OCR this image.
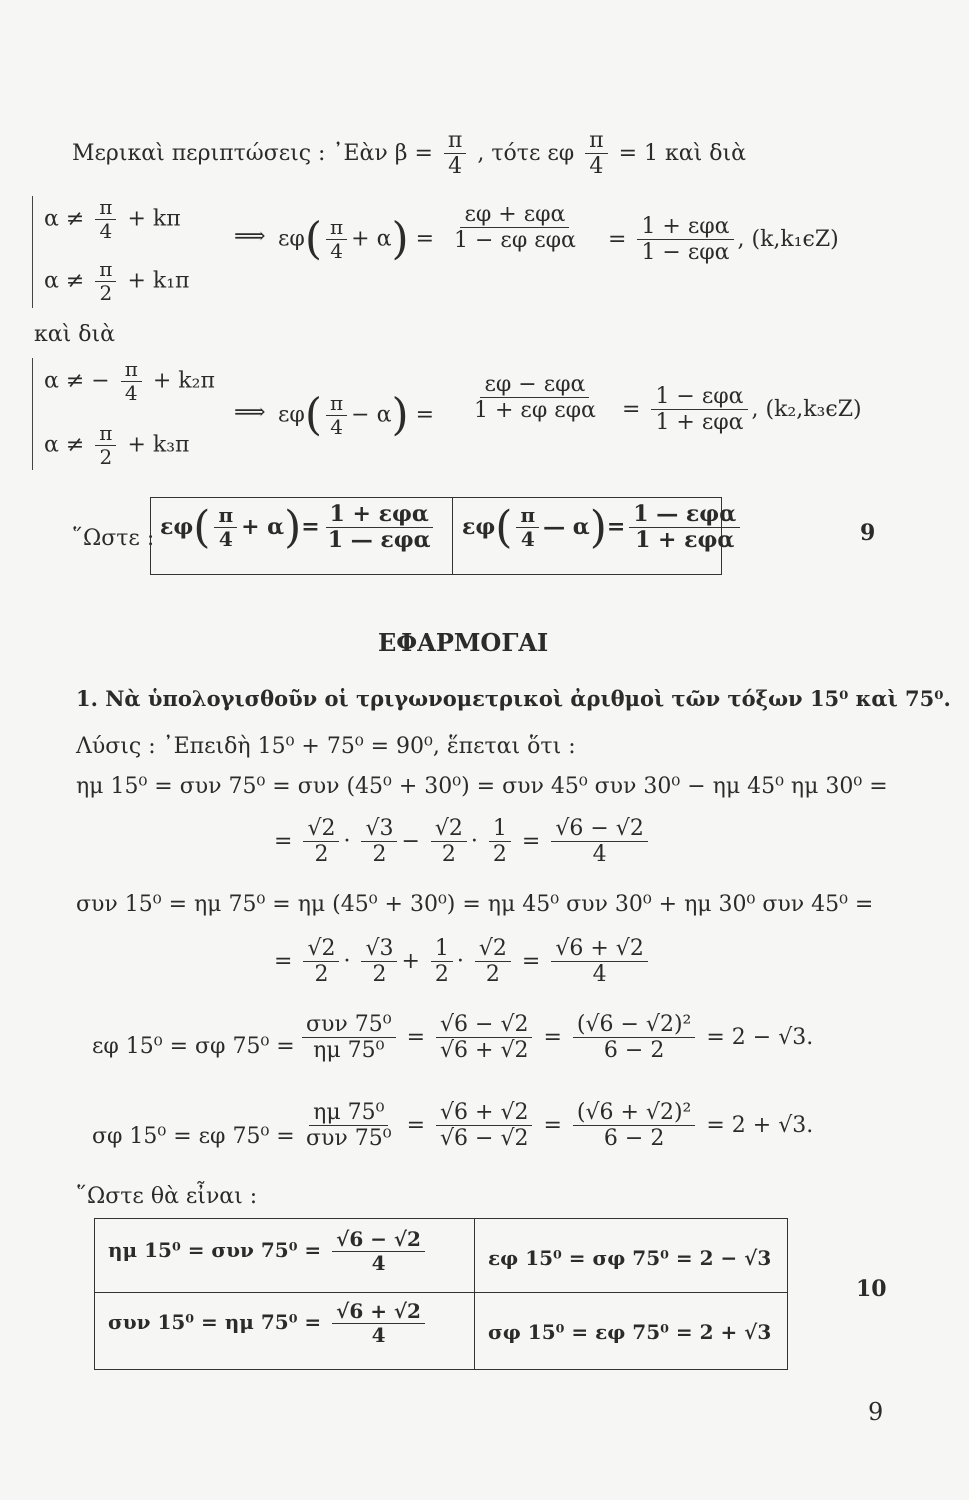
Μερικαὶ περιπτώσεις : ᾿Εὰν $\beta = \frac{\pi}{4}$ , τότε εφ $\frac{\pi}{4} = 1$ καὶ διὰ
$\alpha \ne \frac{\pi}{4} + k\pi$
$\alpha \ne \frac{\pi}{2} + k_1\pi$
⟹ $\varepsilon\varphi( \frac{\pi}{4} + \alpha) = \frac{\text{εφ + εφα}}{\text{1 − εφ εφα}} = \frac{\text{1 + εφα}}{\text{1 − εφα}}$ , (k,k₁ϵZ)
καὶ διὰ
α ≠ − $\frac{\pi}{4} + k_2\pi$
$\alpha \ne \frac{\pi}{2} + k_3\pi$
⟹ $\varepsilon\varphi( \frac{\pi}{4} - \alpha) = \frac{\text{εφ − εφα}}{\text{1 + εφ εφα}} = \frac{\text{1 − εφα}}{\text{1 + εφα}}$ , (k₂,k₃ϵZ)
῞Ωστε : $\varepsilon\varphi( \frac{\pi}{4} + \alpha)= \frac{\text{1 + εφα}}{\text{1 — εφα}} \varepsilon\varphi( \frac{\pi}{4}$ — $\alpha)= \frac{\text{1 — εφα}}{\text{1 + εφα}}$	9
ΕΦΑΡΜΟΓΑΙ
1. Νὰ ὑπολογισθοῦν οἱ τριγωνομετρικοὶ ἀριθμοὶ τῶν τόξων 15⁰ καὶ 75⁰.
Λύσις : ᾿Επειδὴ 15⁰ + 75⁰ = 90⁰, ἕπεται ὅτι :
ημ 15⁰ = συν 75⁰ = συν (45⁰ + 30⁰) = συν 45⁰ συν 30⁰ − ημ 45⁰ ημ 30⁰ =
= $\frac{√2}{2} \cdot \frac{√3}{2} - \frac{√2}{2} \cdot \frac{1}{2} = \frac{√6 - √2}{4}$
συν 15⁰ = ημ 75⁰ = ημ (45⁰ + 30⁰) = ημ 45⁰ συν 30⁰ + ημ 30⁰ συν 45⁰ =
= $\frac{√2}{2} \cdot \frac{√3}{2} + \frac{1}{2} \cdot \frac{√2}{2} = \frac{√6 + √2}{4}$
εφ 15⁰ = σφ $75^0 = \frac{\text{συν 75⁰}}{\text{ημ 75⁰}} = \frac{√6 - √2}{√6 + √2} = \frac{\text{(√6 − √2)²}}{6 - 2} = 2 - √3$.
σφ 15⁰ = εφ $75^0 = \frac{\text{ημ 75⁰}}{\text{συν 75⁰}} = \frac{√6 + √2}{√6 - √2} = \frac{\text{(√6 + √2)²}}{6 - 2} = 2 + √3$.
῞Ωστε θὰ εἶναι :
ημ 15⁰ = συν $75^0 = \frac{√6 - √2}{4}$	εφ 15⁰ = σφ 75⁰ = 2 − √3
συν 15⁰ = ημ $75^0 = \frac{√6 + √2}{4}$	σφ 15⁰ = εφ 75⁰ = 2 + √3
10
9
